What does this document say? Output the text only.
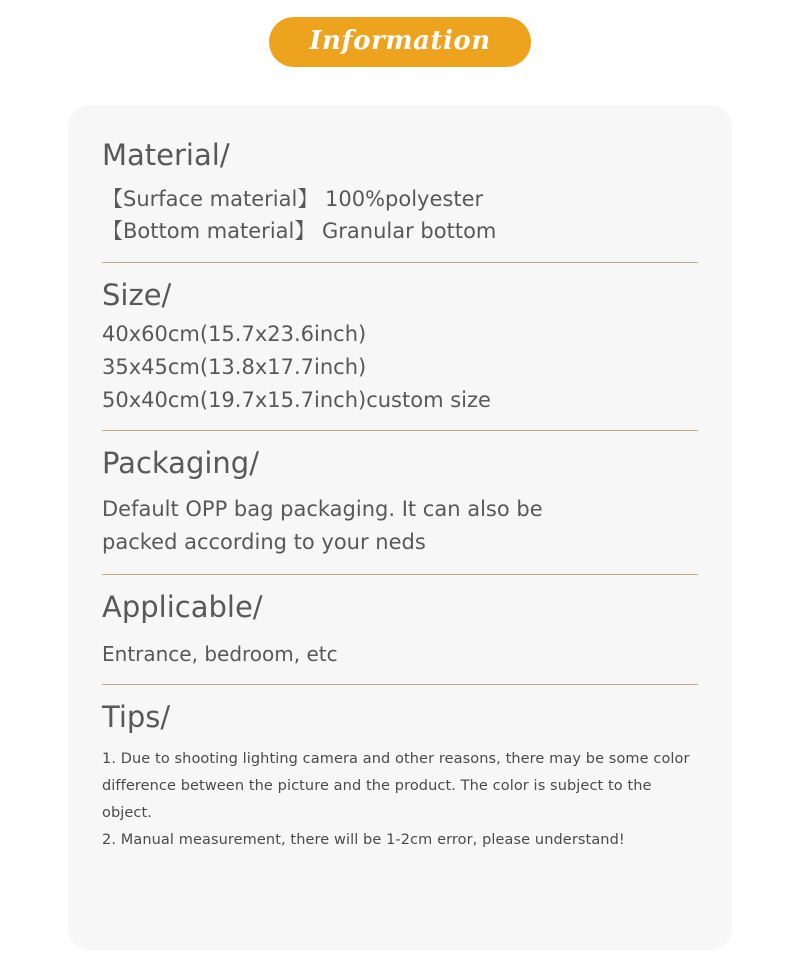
Information
Material/
【Surface material】 100%polyester
【Bottom material】 Granular bottom
Size/
40x60cm(15.7x23.6inch)
35x45cm(13.8x17.7inch)
50x40cm(19.7x15.7inch)custom size
Packaging/
Default OPP bag packaging. It can also be
packed according to your neds
Applicable/
Entrance, bedroom, etc
Tips/
1. Due to shooting lighting camera and other reasons, there may be some color
difference between the picture and the product. The color is subject to the object.
2. Manual measurement, there will be 1-2cm error, please understand!
